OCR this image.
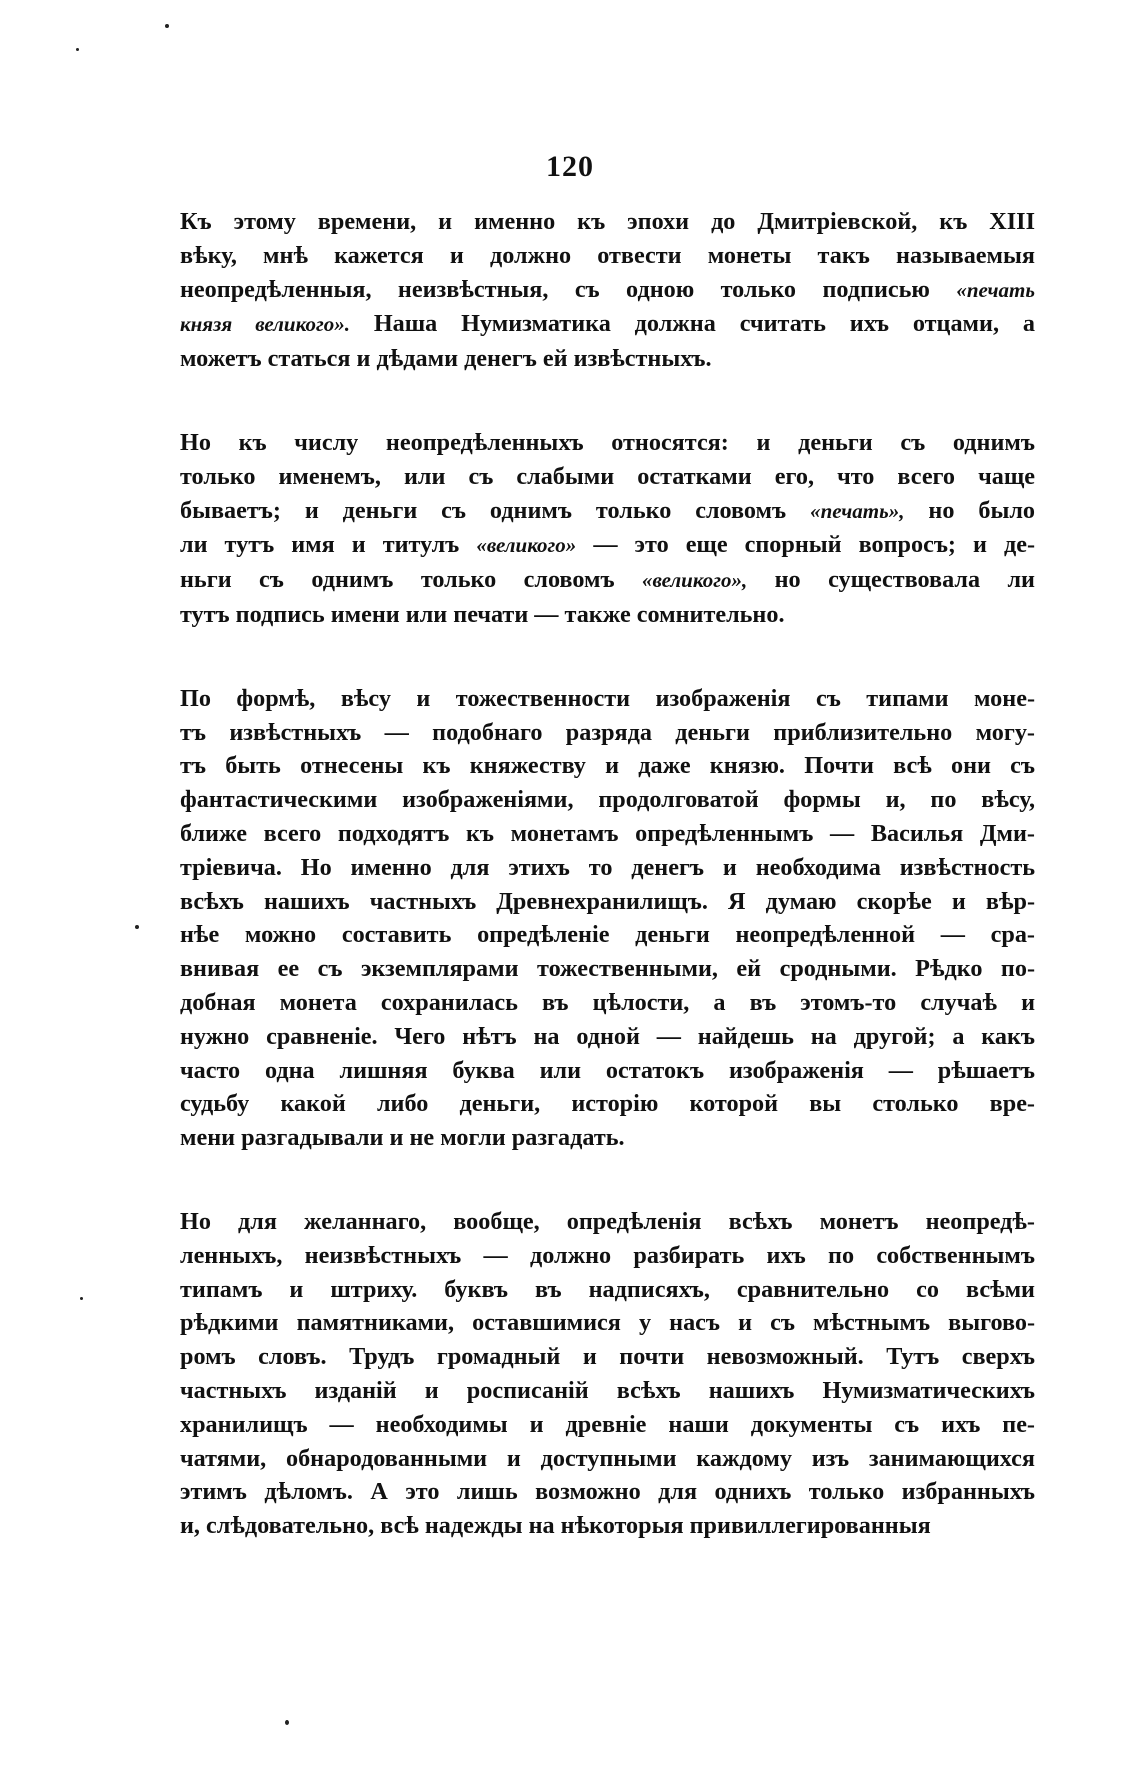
120
Къ этому времени, и именно къ эпохи до Дмитріевской, къ XIII
вѣку, мнѣ кажется и должно отвести монеты такъ называемыя
неопредѣленныя, неизвѣстныя, съ одною только подписью «печать
князя великого». Наша Нумизматика должна считать ихъ отцами, а
можетъ статься и дѣдами денегъ ей извѣстныхъ.
Но къ числу неопредѣленныхъ относятся: и деньги съ однимъ
только именемъ, или съ слабыми остатками его, что всего чаще
бываетъ; и деньги съ однимъ только словомъ «печать», но было
ли тутъ имя и титулъ «великого» — это еще спорный вопросъ; и де-
ньги съ однимъ только словомъ «великого», но существовала ли
тутъ подпись имени или печати — также сомнительно.
По формѣ, вѣсу и тожественности изображенія съ типами моне-
тъ извѣстныхъ — подобнаго разряда деньги приблизительно могу-
тъ быть отнесены къ княжеству и даже князю. Почти всѣ они съ
фантастическими изображеніями, продолговатой формы и, по вѣсу,
ближе всего подходятъ къ монетамъ опредѣленнымъ — Василья Дми-
тріевича. Но именно для этихъ то денегъ и необходима извѣстность
всѣхъ нашихъ частныхъ Древнехранилищъ. Я думаю скорѣе и вѣр-
нѣе можно составить опредѣленіе деньги неопредѣленной — сра-
внивая ее съ экземплярами тожественными, ей сродными. Рѣдко по-
добная монета сохранилась въ цѣлости, а въ этомъ-то случаѣ и
нужно сравненіе. Чего нѣтъ на одной — найдешь на другой; а какъ
часто одна лишняя буква или остатокъ изображенія — рѣшаетъ
судьбу какой либо деньги, исторію которой вы столько вре-
мени разгадывали и не могли разгадать.
Но для желаннаго, вообще, опредѣленія всѣхъ монетъ неопредѣ-
ленныхъ, неизвѣстныхъ — должно разбирать ихъ по собственнымъ
типамъ и штриху. буквъ въ надписяхъ, сравнительно со всѣми
рѣдкими памятниками, оставшимися у насъ и съ мѣстнымъ выгово-
ромъ словъ. Трудъ громадный и почти невозможный. Тутъ сверхъ
частныхъ изданій и росписаній всѣхъ нашихъ Нумизматическихъ
хранилищъ — необходимы и древніе наши документы съ ихъ пе-
чатями, обнародованными и доступными каждому изъ занимающихся
этимъ дѣломъ. А это лишь возможно для однихъ только избранныхъ
и, слѣдовательно, всѣ надежды на нѣкоторыя привиллегированныя
